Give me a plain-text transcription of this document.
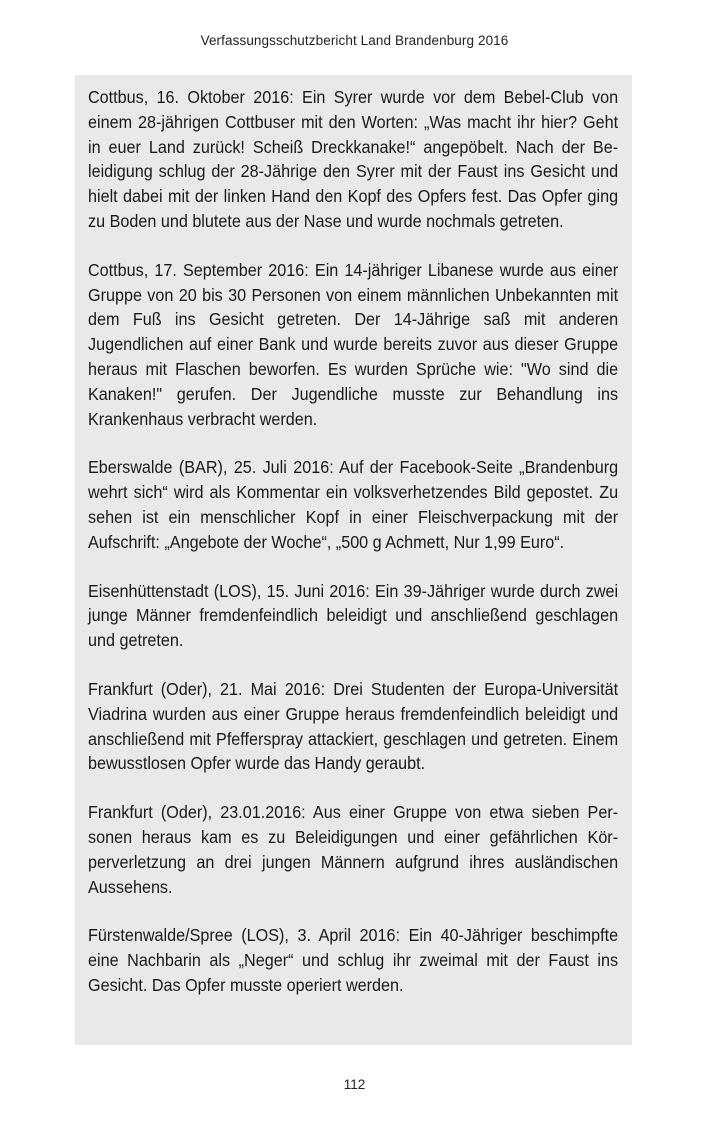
Verfassungsschutzbericht Land Brandenburg 2016

Cottbus, 16. Oktober 2016: Ein Syrer wurde vor dem Bebel-Club von einem 28-jährigen Cottbuser mit den Worten: „Was macht ihr hier? Geht in euer Land zurück! Scheiß Dreckkanake!“ angepöbelt. Nach der Beleidigung schlug der 28-Jährige den Syrer mit der Faust ins Gesicht und hielt dabei mit der linken Hand den Kopf des Opfers fest. Das Opfer ging zu Boden und blutete aus der Nase und wurde nochmals getreten.

Cottbus, 17. September 2016: Ein 14-jähriger Libanese wurde aus einer Gruppe von 20 bis 30 Personen von einem männlichen Unbekannten mit dem Fuß ins Gesicht getreten. Der 14-Jährige saß mit anderen Jugendlichen auf einer Bank und wurde bereits zuvor aus dieser Gruppe heraus mit Flaschen beworfen. Es wurden Sprüche wie: "Wo sind die Kanaken!" gerufen. Der Jugendliche musste zur Behandlung ins Krankenhaus verbracht werden.

Eberswalde (BAR), 25. Juli 2016: Auf der Facebook-Seite „Brandenburg wehrt sich“ wird als Kommentar ein volksverhetzendes Bild gepostet. Zu sehen ist ein menschlicher Kopf in einer Fleischverpackung mit der Aufschrift: „Angebote der Woche“, „500 g Achmett, Nur 1,99 Euro“.

Eisenhüttenstadt (LOS), 15. Juni 2016: Ein 39-Jähriger wurde durch zwei junge Männer fremdenfeindlich beleidigt und anschließend geschlagen und getreten.

Frankfurt (Oder), 21. Mai 2016: Drei Studenten der Europa-Universität Viadrina wurden aus einer Gruppe heraus fremdenfeindlich beleidigt und anschließend mit Pfefferspray attackiert, geschlagen und getreten. Einem bewusstlosen Opfer wurde das Handy geraubt.

Frankfurt (Oder), 23.01.2016: Aus einer Gruppe von etwa sieben Personen heraus kam es zu Beleidigungen und einer gefährlichen Körperverletzung an drei jungen Männern aufgrund ihres ausländischen Aussehens.

Fürstenwalde/Spree (LOS), 3. April 2016: Ein 40-Jähriger beschimpfte eine Nachbarin als „Neger“ und schlug ihr zweimal mit der Faust ins Gesicht. Das Opfer musste operiert werden.

112
